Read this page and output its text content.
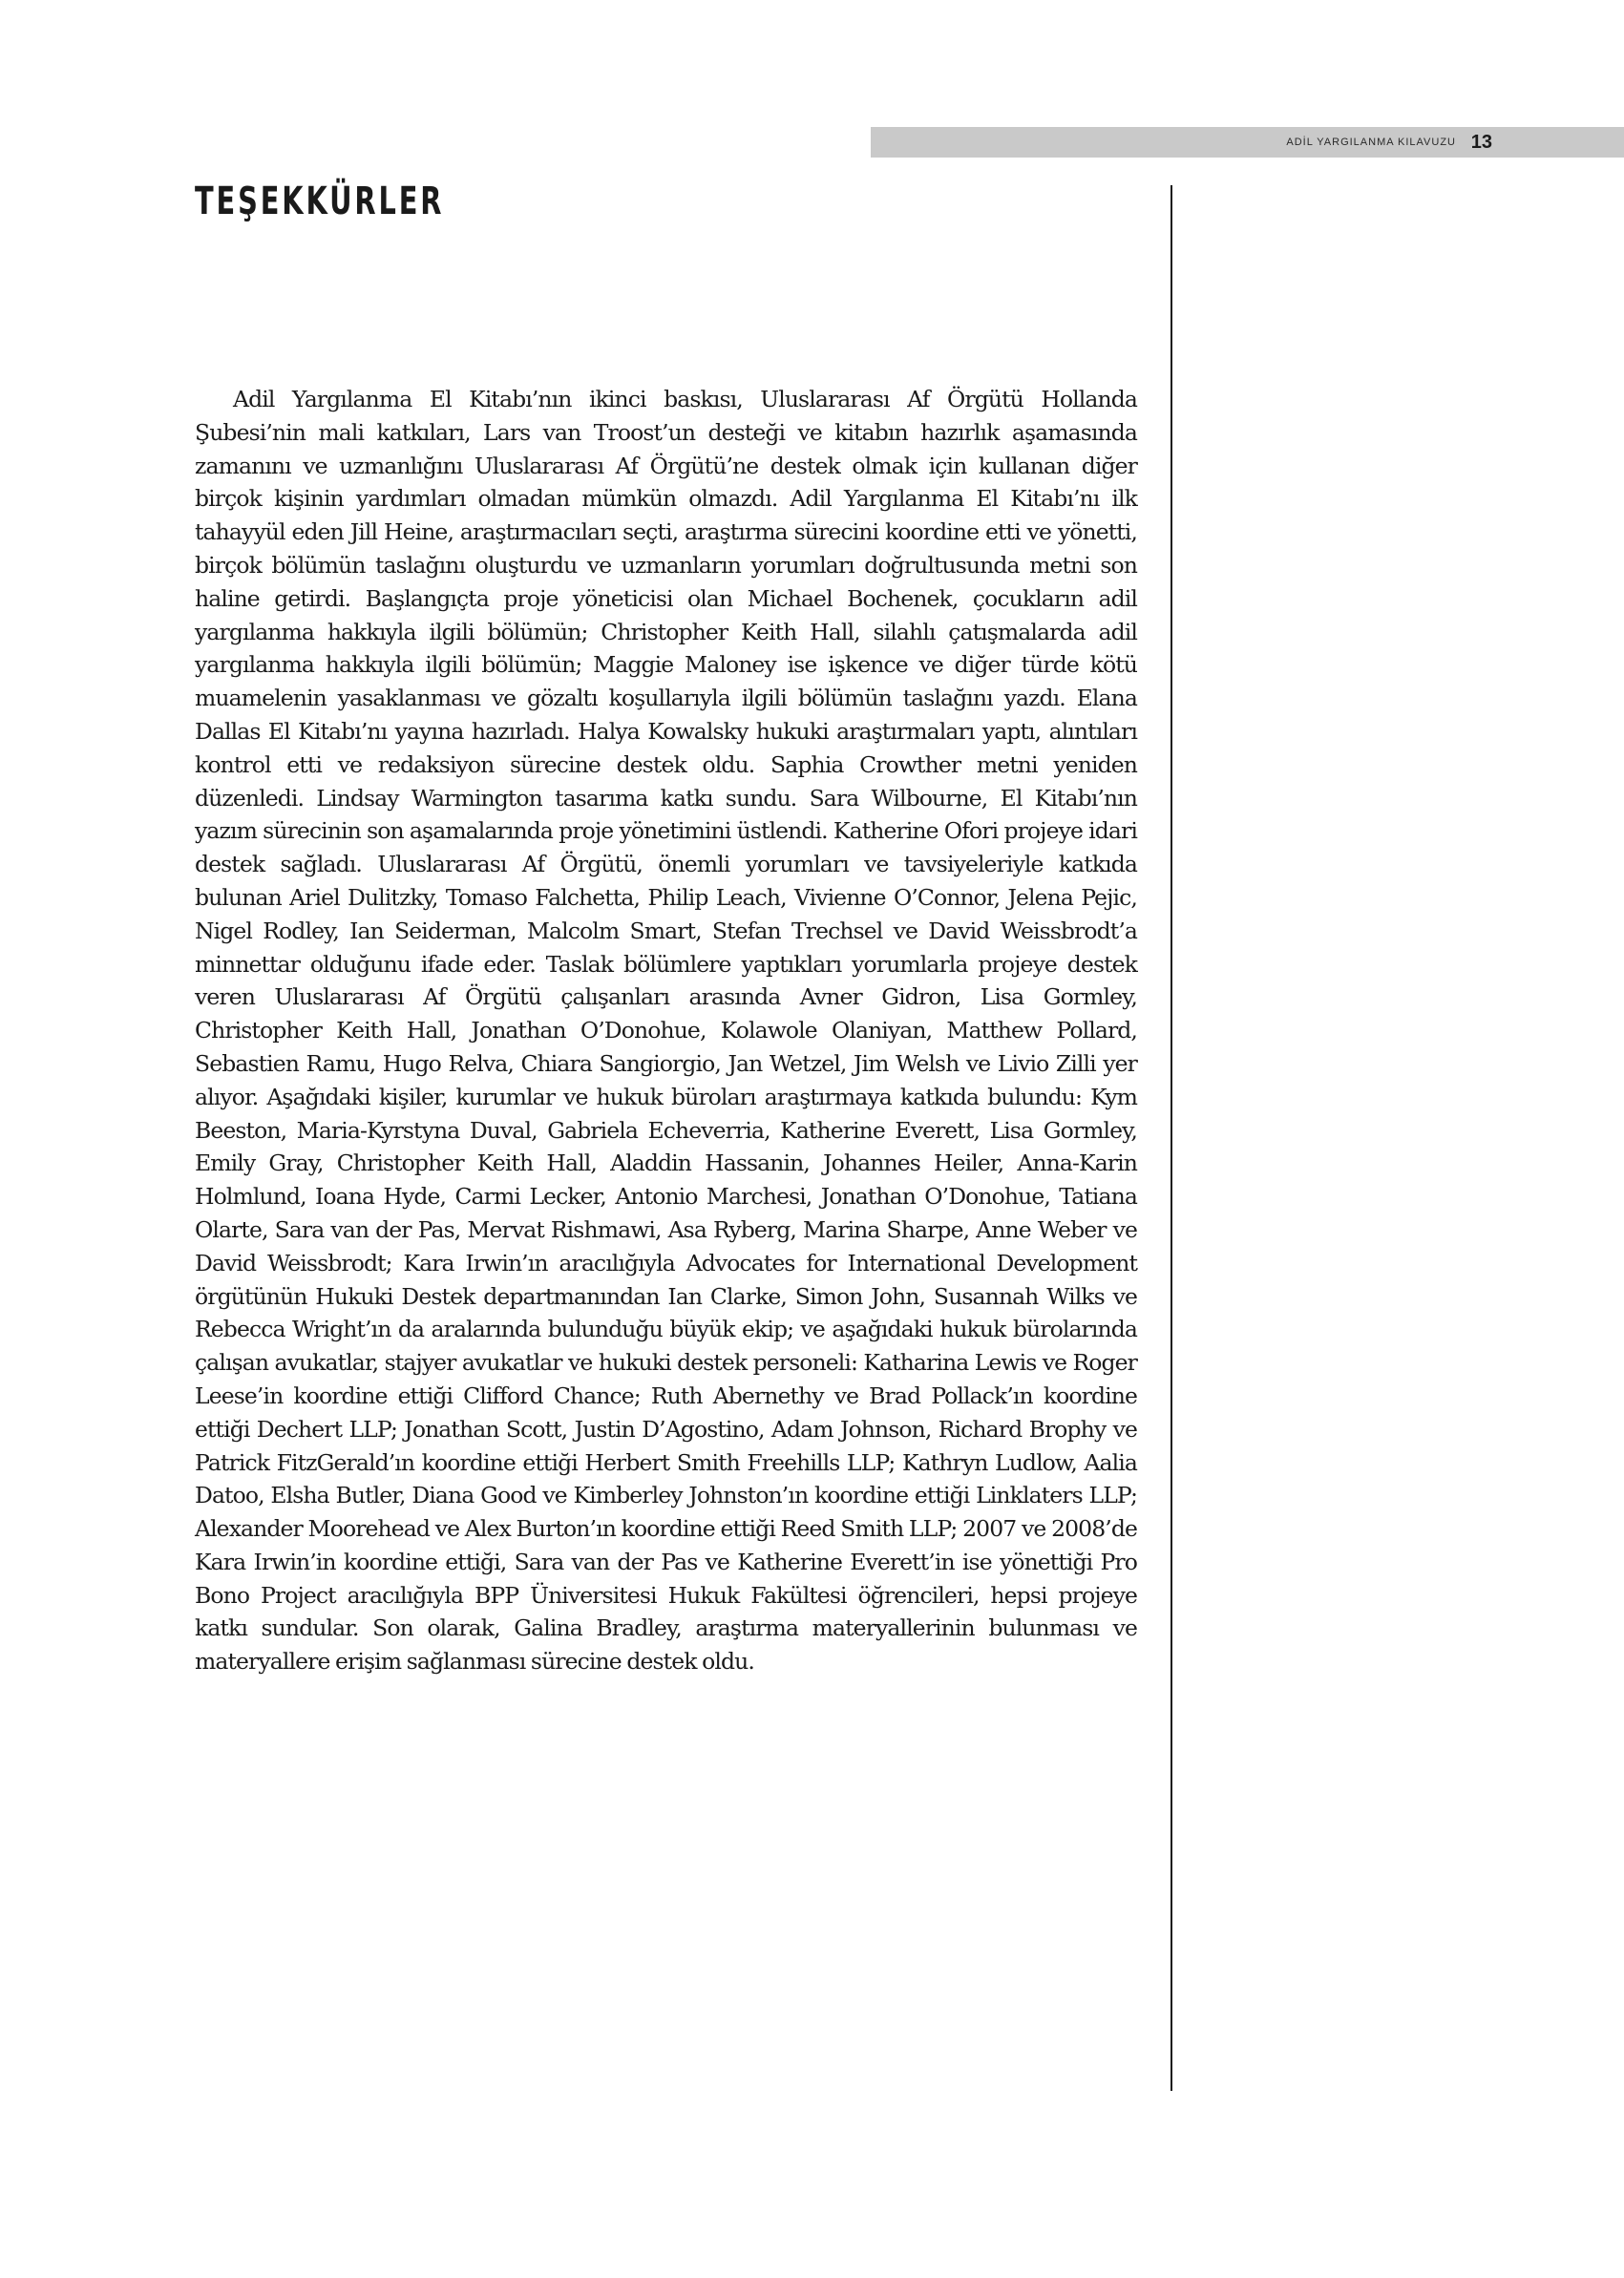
ADİL YARGILANMA KILAVUZU 13
TEŞEKKÜRLER

Adil Yargılanma El Kitabı’nın ikinci baskısı, Uluslararası Af Örgütü Hollanda Şubesi’nin mali katkıları, Lars van Troost’un desteği ve kitabın hazırlık aşamasında zamanını ve uzmanlığını Uluslararası Af Örgütü’ne destek olmak için kullanan diğer birçok kişinin yardımları olmadan mümkün olmazdı. Adil Yargılanma El Kitabı’nı ilk tahayyül eden Jill Heine, araştırmacıları seçti, araştırma sürecini koordine etti ve yönetti, birçok bölümün taslağını oluşturdu ve uzmanların yorumları doğrultusunda metni son haline getirdi. Başlangıçta proje yöneticisi olan Michael Bochenek, çocukların adil yargılanma hakkıyla ilgili bölümün; Christopher Keith Hall, silahlı çatışmalarda adil yargılanma hakkıyla ilgili bölümün; Maggie Maloney ise işkence ve diğer türde kötü muamelenin yasaklanması ve gözaltı koşullarıyla ilgili bölümün taslağını yazdı. Elana Dallas El Kitabı’nı yayına hazırladı. Halya Kowalsky hukuki araştırmaları yaptı, alıntıları kontrol etti ve redaksiyon sürecine destek oldu. Saphia Crowther metni yeniden düzenledi. Lindsay Warmington tasarıma katkı sundu. Sara Wilbourne, El Kitabı’nın yazım sürecinin son aşamalarında proje yönetimini üstlendi. Katherine Ofori projeye idari destek sağladı. Uluslararası Af Örgütü, önemli yorumları ve tavsiyeleriyle katkıda bulunan Ariel Dulitzky, Tomaso Falchetta, Philip Leach, Vivienne O’Connor, Jelena Pejic, Nigel Rodley, Ian Seiderman, Malcolm Smart, Stefan Trechsel ve David Weissbrodt’a minnettar olduğunu ifade eder. Taslak bölümlere yaptıkları yorumlarla projeye destek veren Uluslararası Af Örgütü çalışanları arasında Avner Gidron, Lisa Gormley, Christopher Keith Hall, Jonathan O’Donohue, Kolawole Olaniyan, Matthew Pollard, Sebastien Ramu, Hugo Relva, Chiara Sangiorgio, Jan Wetzel, Jim Welsh ve Livio Zilli yer alıyor. Aşağıdaki kişiler, kurumlar ve hukuk büroları araştırmaya katkıda bulundu: Kym Beeston, Maria-Kyrstyna Duval, Gabriela Echeverria, Katherine Everett, Lisa Gormley, Emily Gray, Christopher Keith Hall, Aladdin Hassanin, Johannes Heiler, Anna-Karin Holmlund, Ioana Hyde, Carmi Lecker, Antonio Marchesi, Jonathan O’Donohue, Tatiana Olarte, Sara van der Pas, Mervat Rishmawi, Asa Ryberg, Marina Sharpe, Anne Weber ve David Weissbrodt; Kara Irwin’ın aracılığıyla Advocates for International Development örgütünün Hukuki Destek departmanından Ian Clarke, Simon John, Susannah Wilks ve Rebecca Wright’ın da aralarında bulunduğu büyük ekip; ve aşağıdaki hukuk bürolarında çalışan avukatlar, stajyer avukatlar ve hukuki destek personeli: Katharina Lewis ve Roger Leese’in koordine ettiği Clifford Chance; Ruth Abernethy ve Brad Pollack’ın koordine ettiği Dechert LLP; Jonathan Scott, Justin D’Agostino, Adam Johnson, Richard Brophy ve Patrick FitzGerald’ın koordine ettiği Herbert Smith Freehills LLP; Kathryn Ludlow, Aalia Datoo, Elsha Butler, Diana Good ve Kimberley Johnston’ın koordine ettiği Linklaters LLP; Alexander Moorehead ve Alex Burton’ın koordine ettiği Reed Smith LLP; 2007 ve 2008’de Kara Irwin’in koordine ettiği, Sara van der Pas ve Katherine Everett’in ise yönettiği Pro Bono Project aracılığıyla BPP Üniversitesi Hukuk Fakültesi öğrencileri, hepsi projeye katkı sundular. Son olarak, Galina Bradley, araştırma materyallerinin bulunması ve materyallere erişim sağlanması sürecine destek oldu.
